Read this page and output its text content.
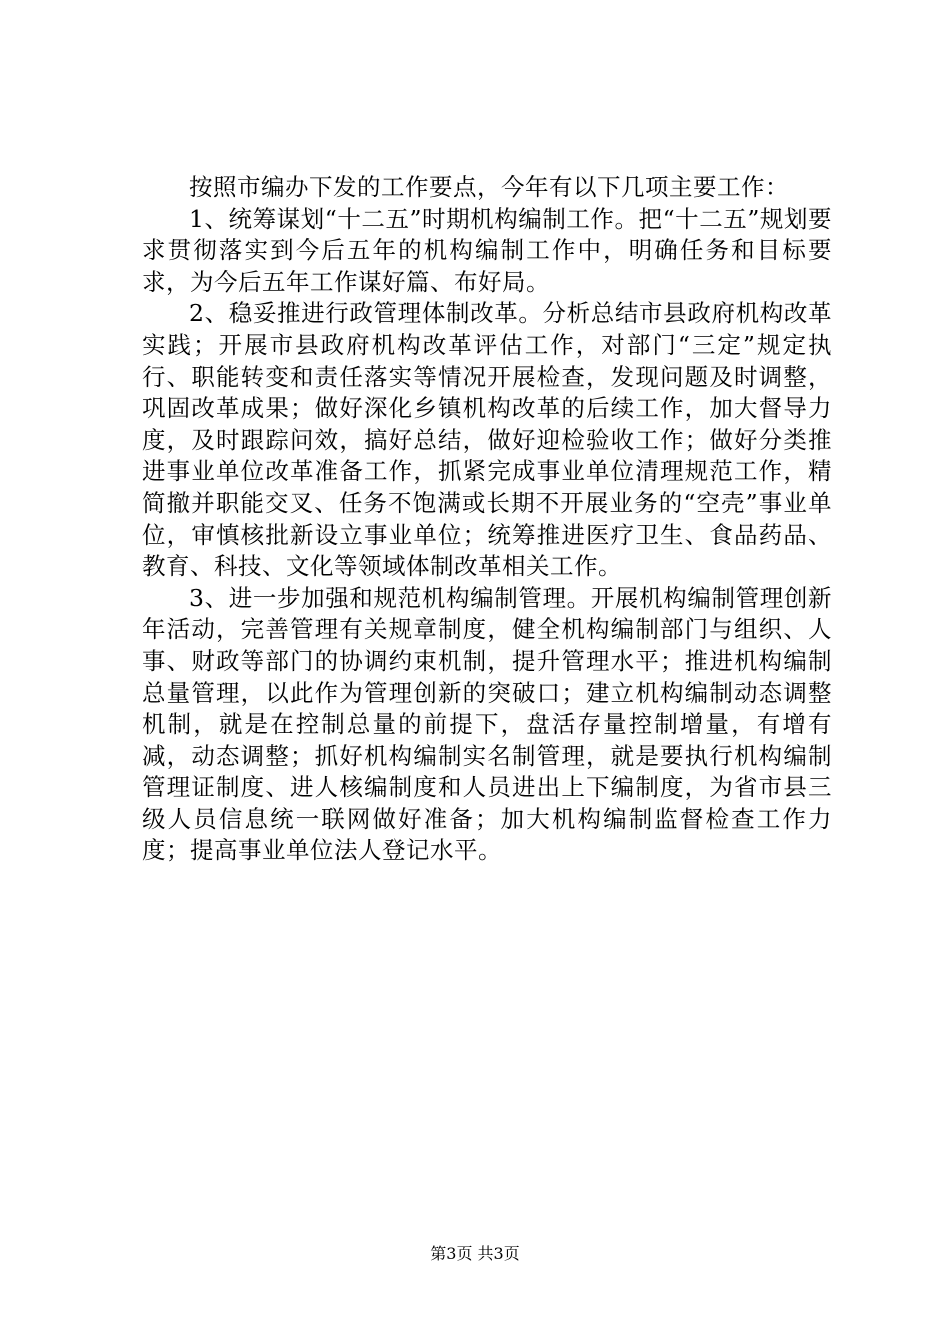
按照市编办下发的工作要点，今年有以下几项主要工作：

1、统筹谋划“十二五”时期机构编制工作。把“十二五”规划要求贯彻落实到今后五年的机构编制工作中，明确任务和目标要求，为今后五年工作谋好篇、布好局。

2、稳妥推进行政管理体制改革。分析总结市县政府机构改革实践；开展市县政府机构改革评估工作，对部门“三定”规定执行、职能转变和责任落实等情况开展检查，发现问题及时调整，巩固改革成果；做好深化乡镇机构改革的后续工作，加大督导力度，及时跟踪问效，搞好总结，做好迎检验收工作；做好分类推进事业单位改革准备工作，抓紧完成事业单位清理规范工作，精简撤并职能交叉、任务不饱满或长期不开展业务的“空壳”事业单位，审慎核批新设立事业单位；统筹推进医疗卫生、食品药品、教育、科技、文化等领域体制改革相关工作。

3、进一步加强和规范机构编制管理。开展机构编制管理创新年活动，完善管理有关规章制度，健全机构编制部门与组织、人事、财政等部门的协调约束机制，提升管理水平；推进机构编制总量管理，以此作为管理创新的突破口；建立机构编制动态调整机制，就是在控制总量的前提下，盘活存量控制增量，有增有减，动态调整；抓好机构编制实名制管理，就是要执行机构编制管理证制度、进人核编制度和人员进出上下编制度，为省市县三级人员信息统一联网做好准备；加大机构编制监督检查工作力度；提高事业单位法人登记水平。

第3页 共3页
